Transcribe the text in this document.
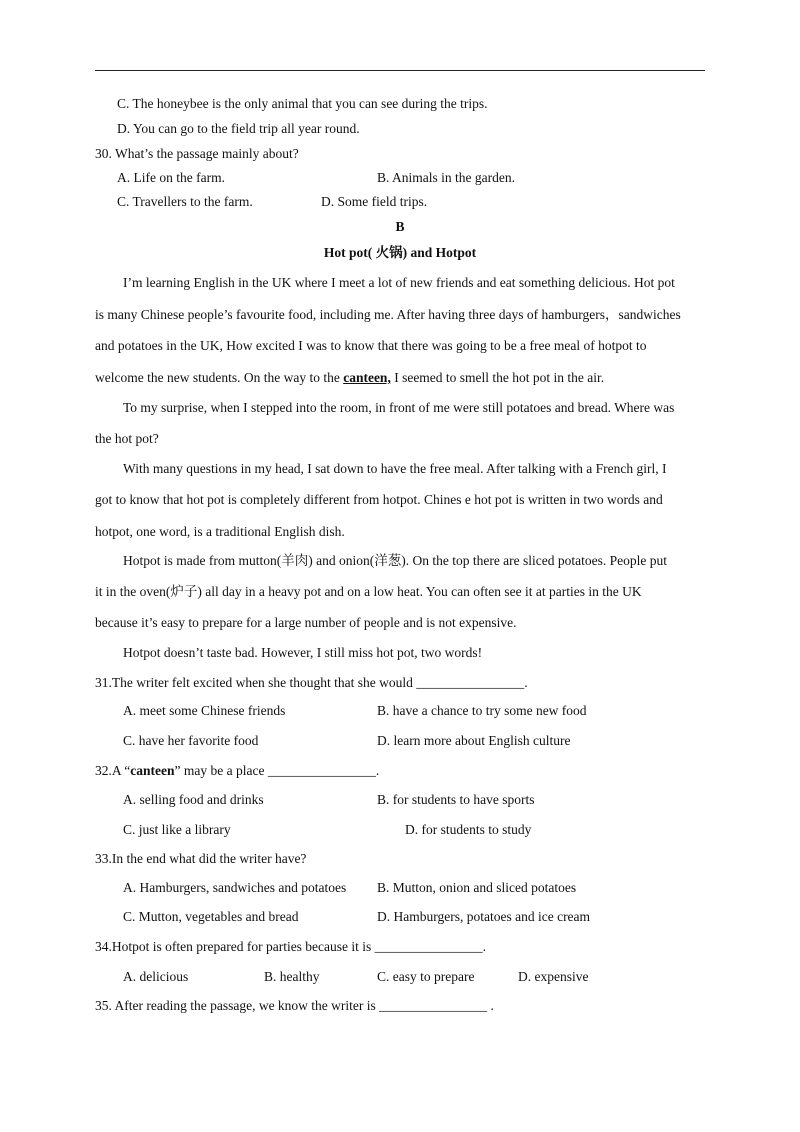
C. The honeybee is the only animal that you can see during the trips.
D. You can go to the field trip all year round.
30. What’s the passage mainly about?
A. Life on the farm.	B. Animals in the garden.
C. Travellers to the farm.	D. Some field trips.
B
Hot pot( 火锅) and Hotpot
I’m learning English in the UK where I meet a lot of new friends and eat something delicious. Hot pot
is many Chinese people’s favourite food, including me. After having three days of hamburgers，sandwiches
and potatoes in the UK, How excited I was to know that there was going to be a free meal of hotpot to
welcome the new students. On the way to the canteen, I seemed to smell the hot pot in the air.
To my surprise, when I stepped into the room, in front of me were still potatoes and bread. Where was
the hot pot?
With many questions in my head, I sat down to have the free meal. After talking with a French girl, I
got to know that hot pot is completely different from hotpot. Chines e hot pot is written in two words and
hotpot, one word, is a traditional English dish.
Hotpot is made from mutton(羊肉) and onion(洋葱). On the top there are sliced potatoes. People put
it in the oven(炉子) all day in a heavy pot and on a low heat. You can often see it at parties in the UK
because it’s easy to prepare for a large number of people and is not expensive.
Hotpot doesn’t taste bad. However, I still miss hot pot, two words!
31.The writer felt excited when she thought that she would ________________.
A. meet some Chinese friends	B. have a chance to try some new food
C. have her favorite food	D. learn more about English culture
32.A “canteen” may be a place ________________.
A. selling food and drinks	B. for students to have sports
C. just like a library	D. for students to study
33.In the end what did the writer have?
A. Hamburgers, sandwiches and potatoes B. Mutton, onion and sliced potatoes
C. Mutton, vegetables and bread	D. Hamburgers, potatoes and ice cream
34.Hotpot is often prepared for parties because it is ________________.
A. delicious	B. healthy	C. easy to prepare	D. expensive
35. After reading the passage, we know the writer is ________________ .
